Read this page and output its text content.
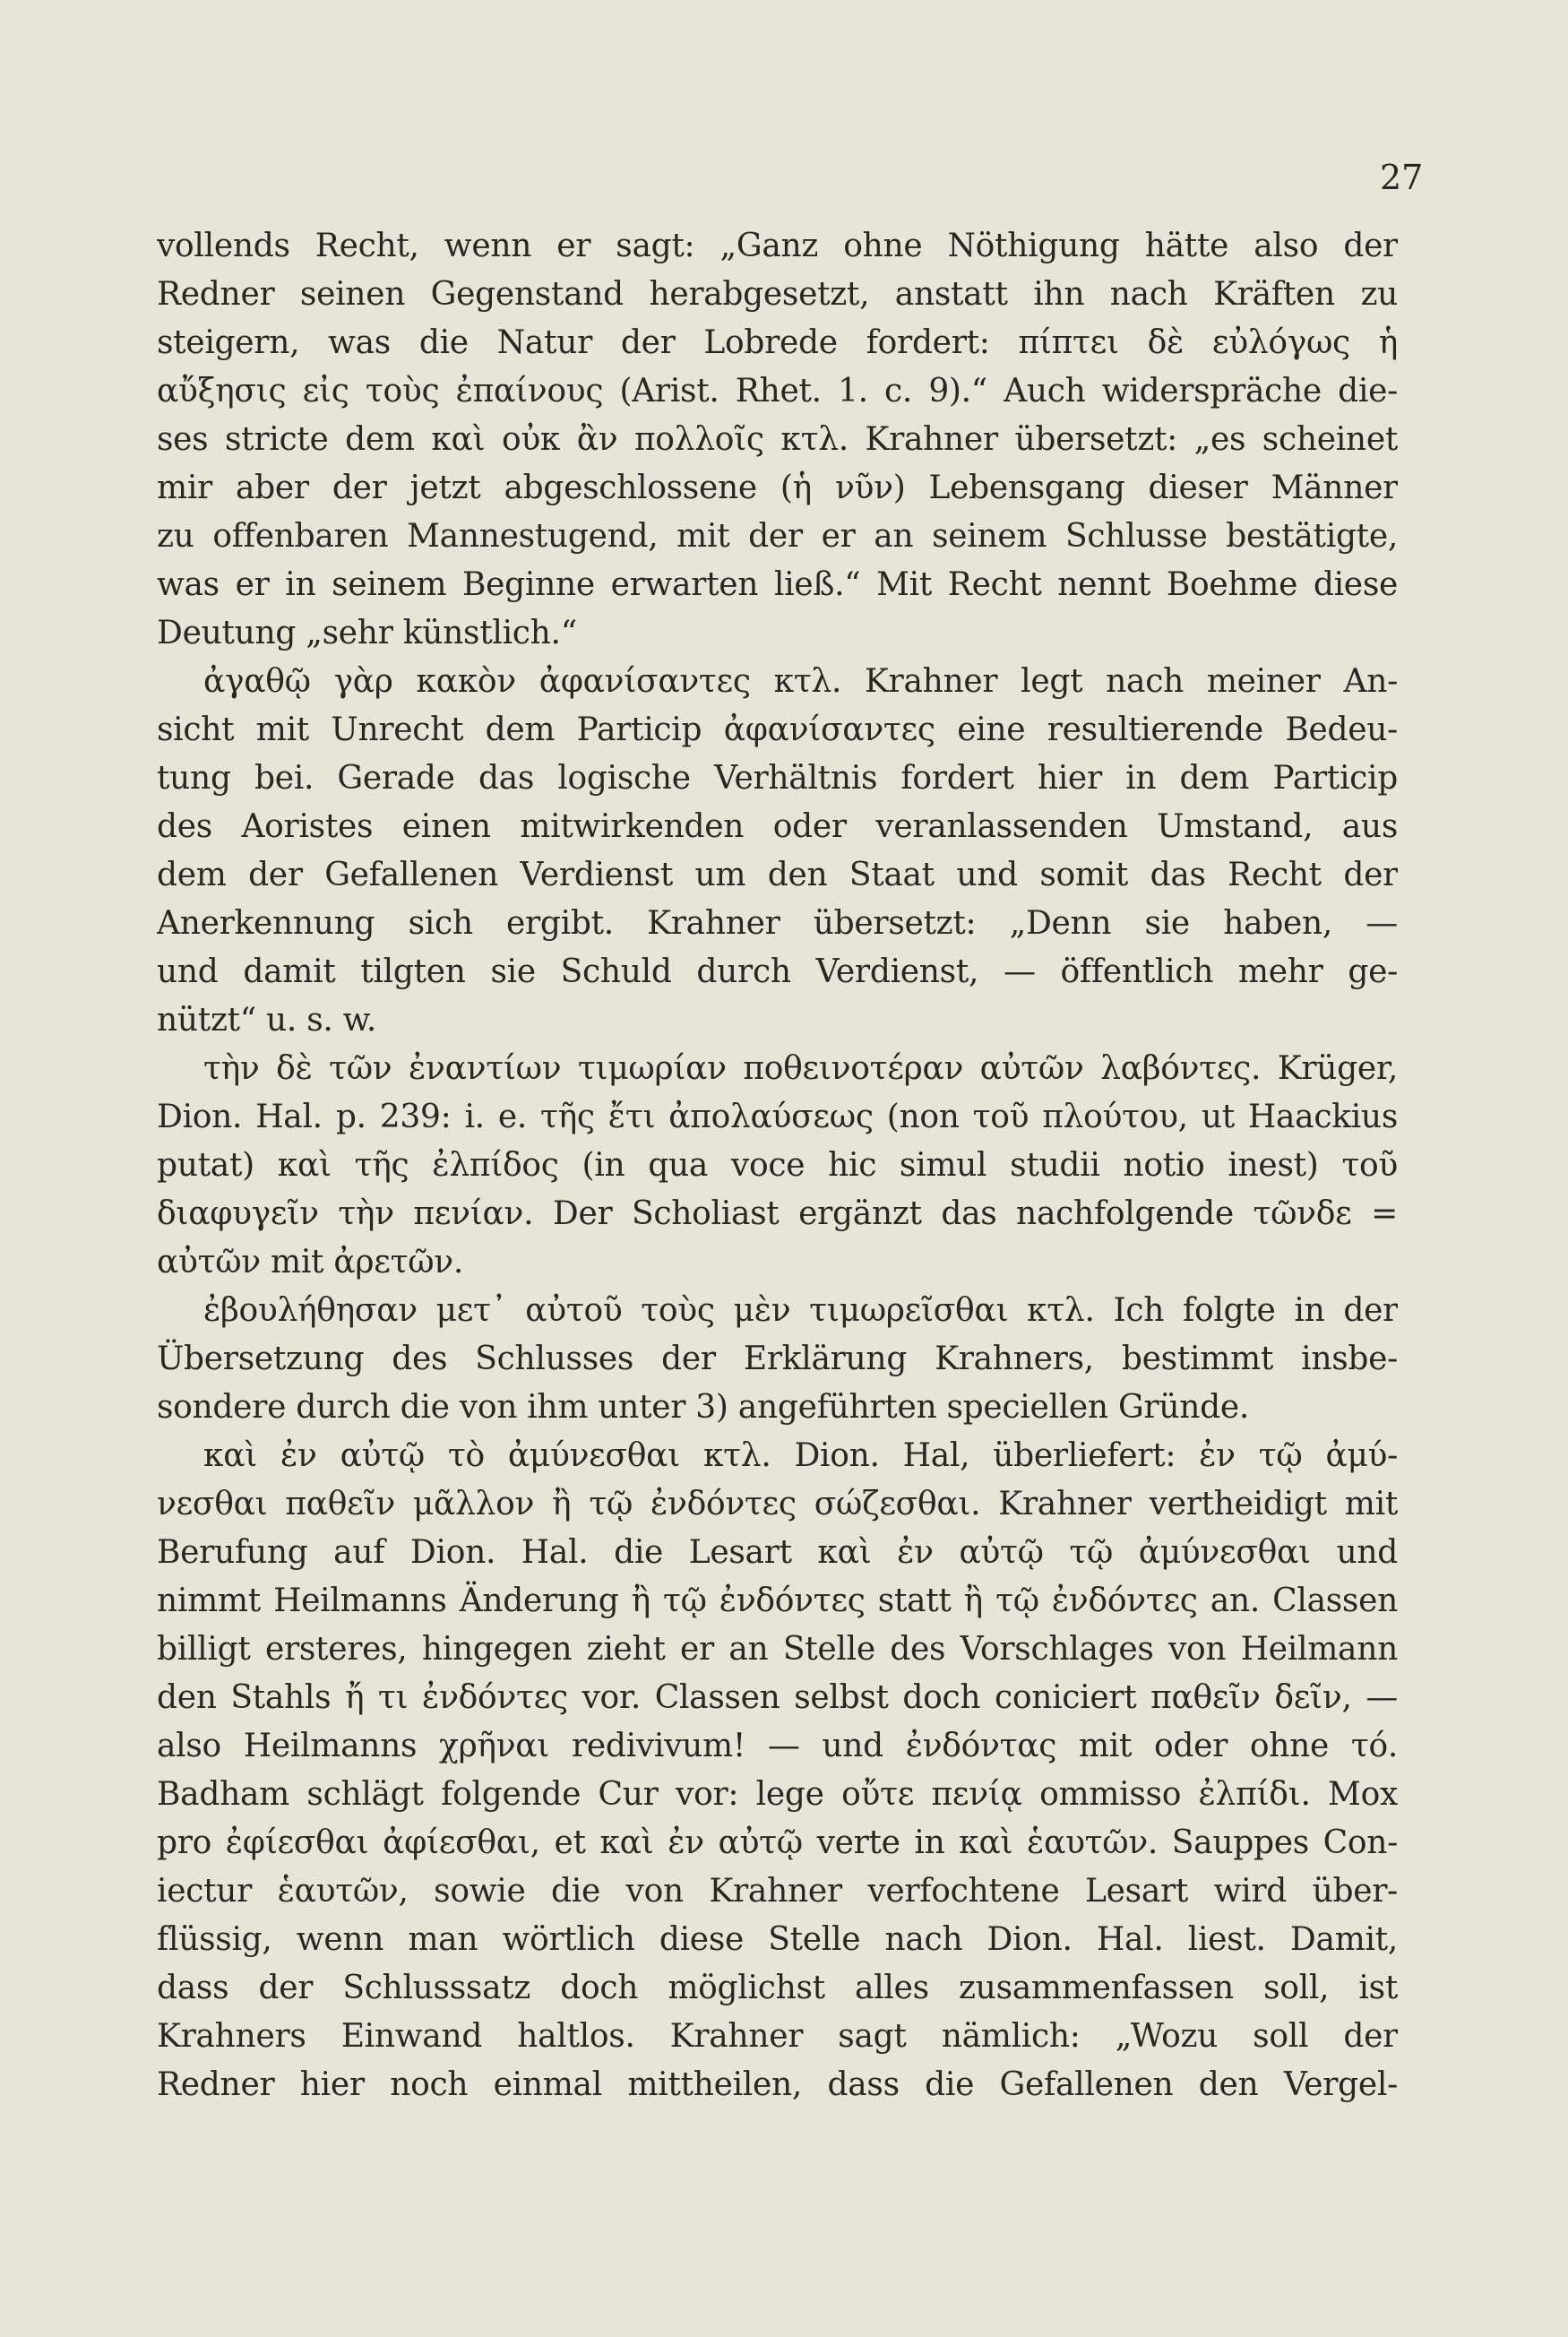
27
vollends Recht, wenn er sagt: „Ganz ohne Nöthigung hätte also der
Redner seinen Gegenstand herabgesetzt, anstatt ihn nach Kräften zu
steigern, was die Natur der Lobrede fordert: πίπτει δὲ εὐλόγως ἡ
αὔξησις εἰς τοὺς ἐπαίνους (Arist. Rhet. 1. c. 9).“ Auch widerspräche die-
ses stricte dem καὶ οὐκ ἂν πολλοῖς κτλ. Krahner übersetzt: „es scheinet
mir aber der jetzt abgeschlossene (ἡ νῦν) Lebensgang dieser Männer
zu offenbaren Mannestugend, mit der er an seinem Schlusse bestätigte,
was er in seinem Beginne erwarten ließ.“ Mit Recht nennt Boehme diese
Deutung „sehr künstlich.“
ἀγαθῷ γὰρ κακὸν ἀφανίσαντες κτλ. Krahner legt nach meiner An-
sicht mit Unrecht dem Particip ἀφανίσαντες eine resultierende Bedeu-
tung bei. Gerade das logische Verhältnis fordert hier in dem Particip
des Aoristes einen mitwirkenden oder veranlassenden Umstand, aus
dem der Gefallenen Verdienst um den Staat und somit das Recht der
Anerkennung sich ergibt. Krahner übersetzt: „Denn sie haben, —
und damit tilgten sie Schuld durch Verdienst, — öffentlich mehr ge-
nützt“ u. s. w.
τὴν δὲ τῶν ἐναντίων τιμωρίαν ποθεινοτέραν αὐτῶν λαβόντες. Krüger,
Dion. Hal. p. 239: i. e. τῆς ἔτι ἀπολαύσεως (non τοῦ πλούτου, ut Haackius
putat) καὶ τῆς ἐλπίδος (in qua voce hic simul studii notio inest) τοῦ
διαφυγεῖν τὴν πενίαν. Der Scholiast ergänzt das nachfolgende τῶνδε =
αὐτῶν mit ἀρετῶν.
ἐβουλήθησαν μετ᾽ αὐτοῦ τοὺς μὲν τιμωρεῖσθαι κτλ. Ich folgte in der
Übersetzung des Schlusses der Erklärung Krahners, bestimmt insbe-
sondere durch die von ihm unter 3) angeführten speciellen Gründe.
καὶ ἐν αὐτῷ τὸ ἀμύνεσθαι κτλ. Dion. Hal, überliefert: ἐν τῷ ἀμύ-
νεσθαι παθεῖν μᾶλλον ἢ τῷ ἐνδόντες σώζεσθαι. Krahner vertheidigt mit
Berufung auf Dion. Hal. die Lesart καὶ ἐν αὐτῷ τῷ ἀμύνεσθαι und
nimmt Heilmanns Änderung ἢ τῷ ἐνδόντες statt ἢ τῷ ἐνδόντες an. Classen
billigt ersteres, hingegen zieht er an Stelle des Vorschlages von Heilmann
den Stahls ἤ τι ἐνδόντες vor. Classen selbst doch coniciert παθεῖν δεῖν, —
also Heilmanns χρῆναι redivivum! — und ἐνδόντας mit oder ohne τό.
Badham schlägt folgende Cur vor: lege οὔτε πενίᾳ ommisso ἐλπίδι. Mox
pro ἐφίεσθαι ἀφίεσθαι, et καὶ ἐν αὐτῷ verte in καὶ ἑαυτῶν. Sauppes Con-
iectur ἑαυτῶν, sowie die von Krahner verfochtene Lesart wird über-
flüssig, wenn man wörtlich diese Stelle nach Dion. Hal. liest. Damit,
dass der Schlusssatz doch möglichst alles zusammenfassen soll, ist
Krahners Einwand haltlos. Krahner sagt nämlich: „Wozu soll der
Redner hier noch einmal mittheilen, dass die Gefallenen den Vergel-
